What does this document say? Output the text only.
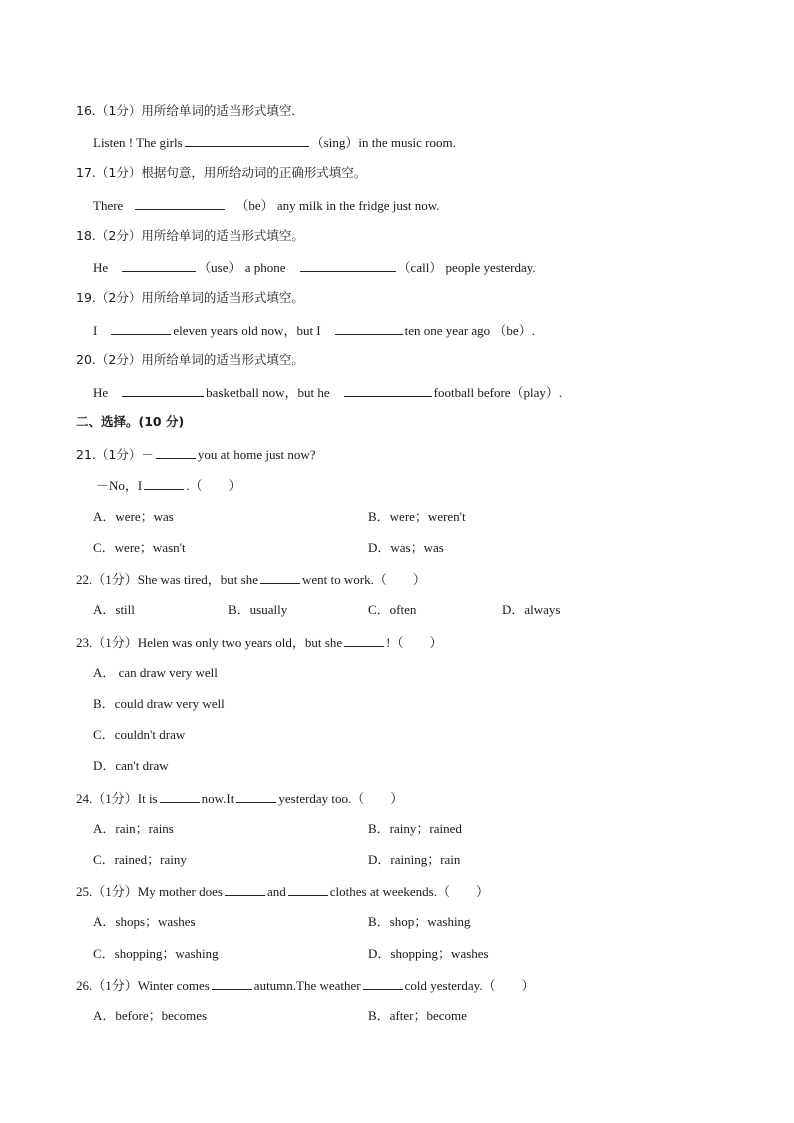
16.（1分）用所给单词的适当形式填空．
Listen ! The girls	（sing）in the music room.
17.（1分）根据句意，用所给动词的正确形式填空。
There	（be） any milk in the fridge just now.
18.（2分）用所给单词的适当形式填空。
He	（use） a phone	（call） people yesterday.
19.（2分）用所给单词的适当形式填空。
I	eleven years old now，but I	ten one year ago （be）.
20.（2分）用所给单词的适当形式填空。
He	basketball now，but he	football before（play）.
二、选择。(10 分)
21.（1分）－	you at home just now?
－No，I	.（　　）
A．were；was	B．were；weren't
C．were；wasn't	D．was；was
22.（1分）She was tired，but she	went to work.（　　）
A．still	B．usually	C．often	D．always
23.（1分）Helen was only two years old，but she	!（　　）
A． can draw very well
B．could draw very well
C．couldn't draw
D．can't draw
24.（1分）It is	now.It	yesterday too.（　　）
A．rain；rains	B．rainy；rained
C．rained；rainy	D．raining；rain
25.（1分）My mother does	and	clothes at weekends.（　　）
A．shops；washes	B．shop；washing
C．shopping；washing	D．shopping；washes
26.（1分）Winter comes	autumn.The weather	cold yesterday.（　　）
A．before；becomes	B．after；become
